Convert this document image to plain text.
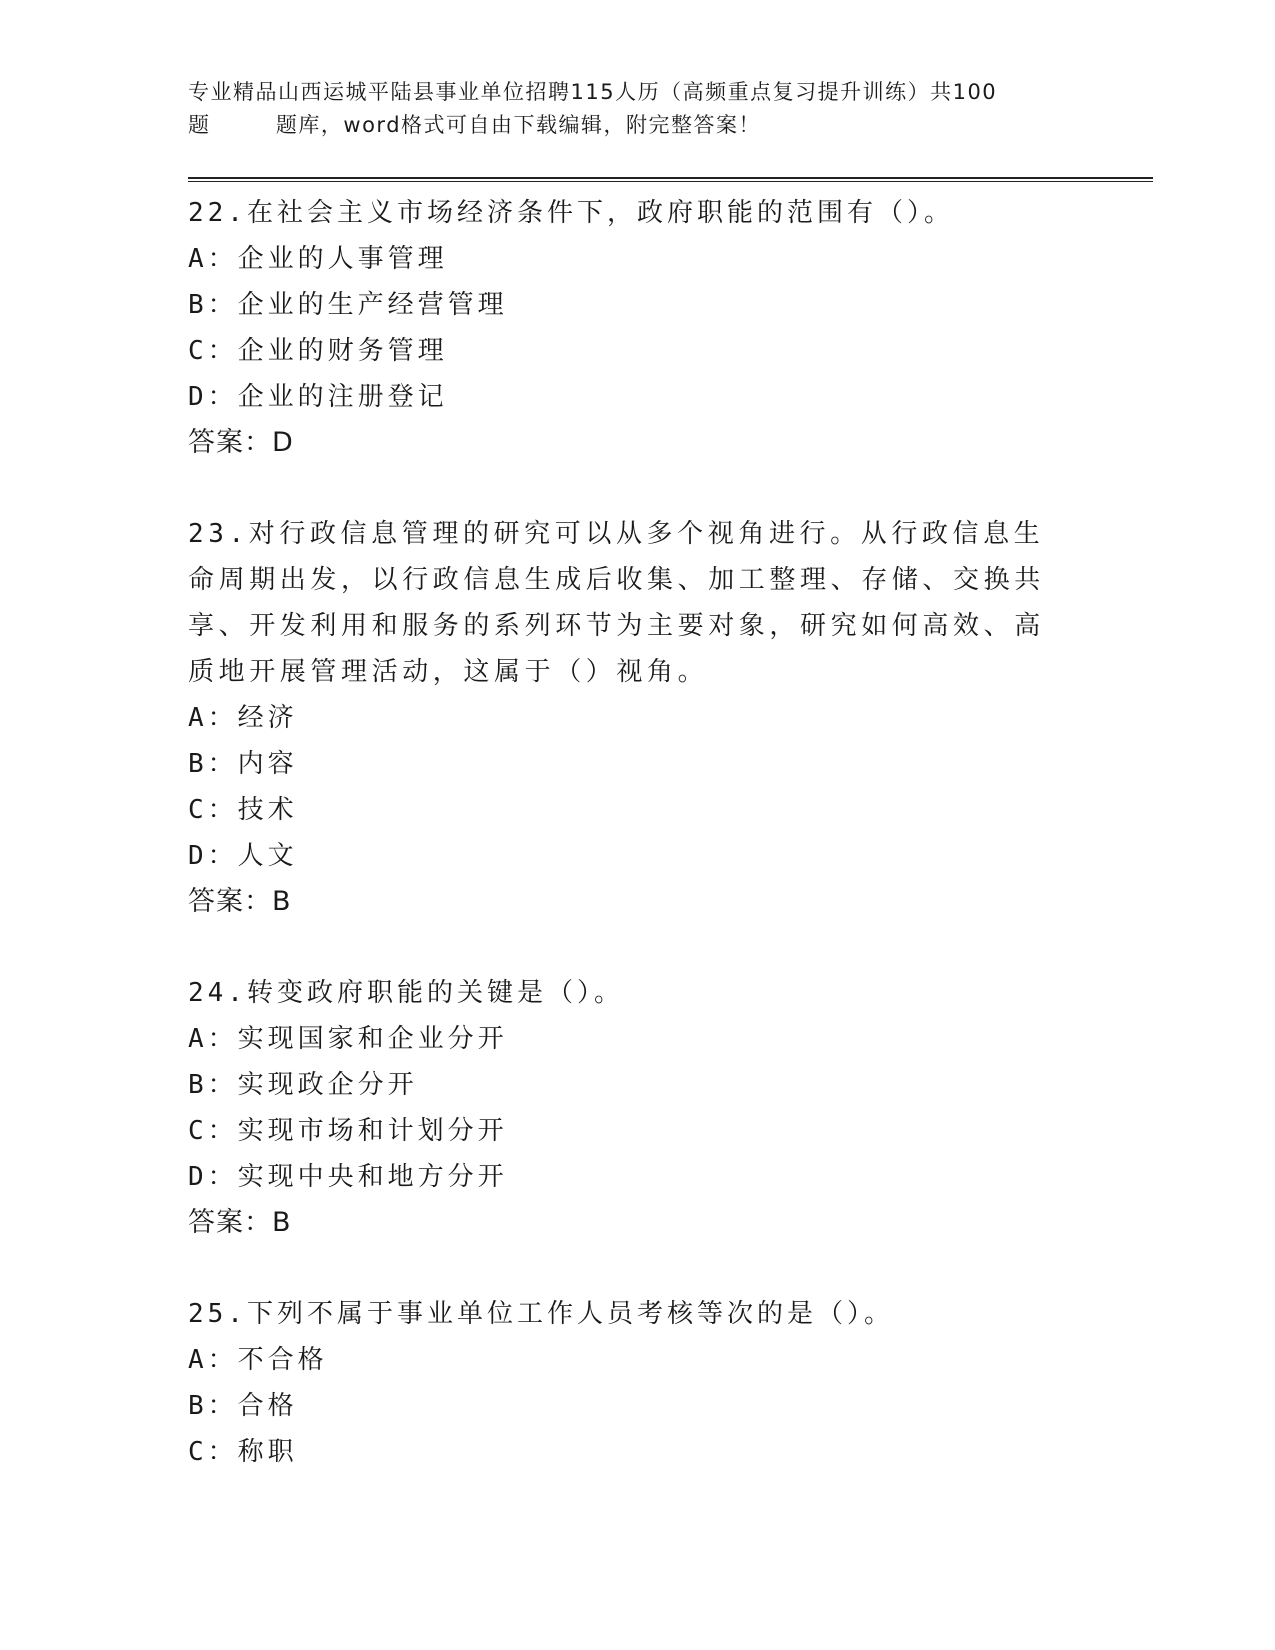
专业精品山西运城平陆县事业单位招聘115人历（高频重点复习提升训练）共100
题        题库，word格式可自由下载编辑，附完整答案！

22.在社会主义市场经济条件下，政府职能的范围有（）。

A：企业的人事管理

B：企业的生产经营管理

C：企业的财务管理

D：企业的注册登记

答案：D

23.对行政信息管理的研究可以从多个视角进行。从行政信息生命周期出发，以行政信息生成后收集、加工整理、存储、交换共享、开发利用和服务的系列环节为主要对象，研究如何高效、高质地开展管理活动，这属于（）视角。

A：经济

B：内容

C：技术

D：人文

答案：B

24.转变政府职能的关键是（）。

A：实现国家和企业分开

B：实现政企分开

C：实现市场和计划分开

D：实现中央和地方分开

答案：B

25.下列不属于事业单位工作人员考核等次的是（）。

A：不合格

B：合格

C：称职
